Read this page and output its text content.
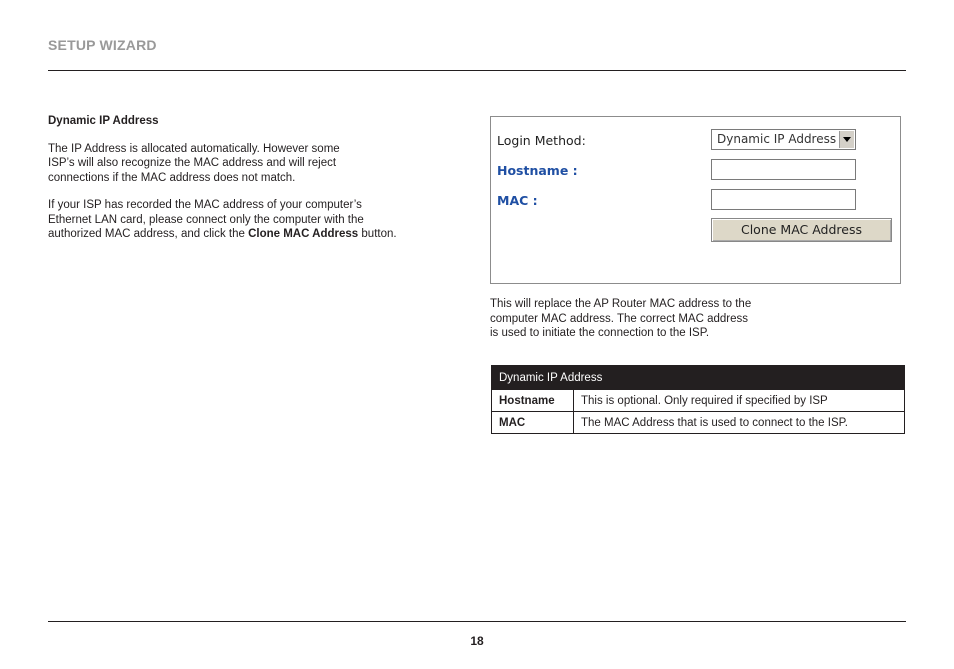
SETUP WIZARD
Dynamic IP Address

The IP Address is allocated automatically. However some
ISP’s will also recognize the MAC address and will reject
connections if the MAC address does not match.

If your ISP has recorded the MAC address of your computer’s
Ethernet LAN card, please connect only the computer with the
authorized MAC address, and click the Clone MAC Address button.

Login Method:	Dynamic IP Address
Hostname :
MAC :
Clone MAC Address
This will replace the AP Router MAC address to the
computer MAC address. The correct MAC address
is used to initiate the connection to the ISP.
Dynamic IP Address	
Hostname	This is optional. Only required if specified by ISP
MAC	The MAC Address that is used to connect to the ISP.
18
